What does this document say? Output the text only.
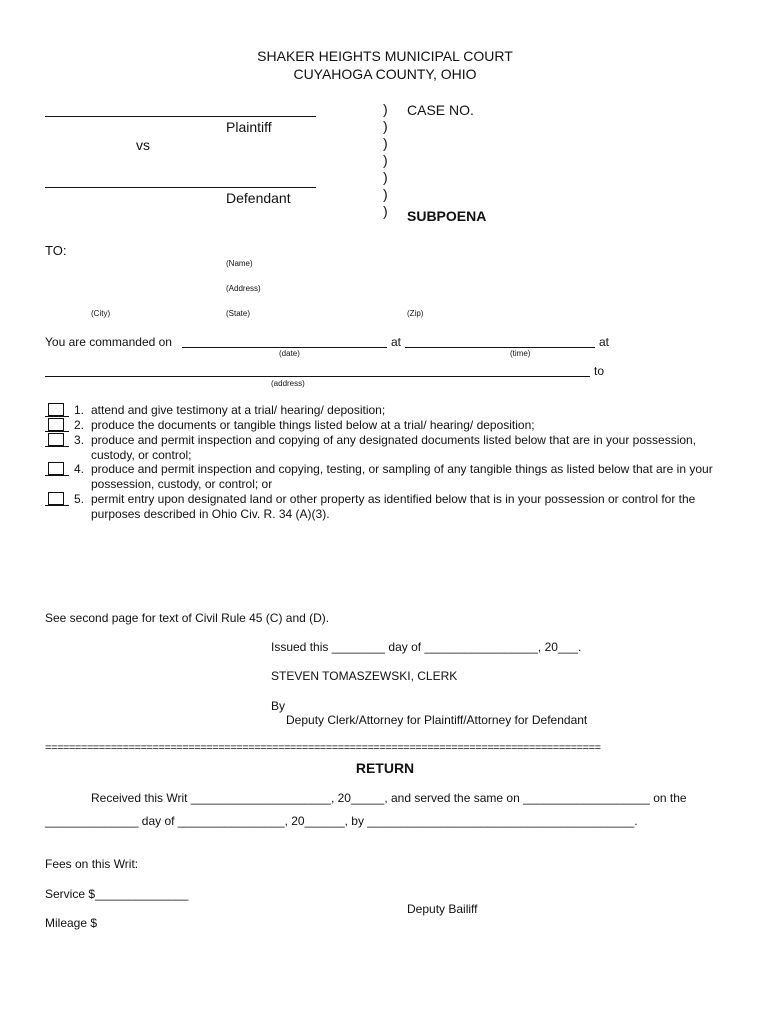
SHAKER HEIGHTS MUNICIPAL COURT
CUYAHOGA COUNTY, OHIO
Plaintiff
vs
Defendant
)
)
)
)
)
)
)
CASE NO.
SUBPOENA
TO:
(Name)
(Address)
(City)	(State)	(Zip)
You are commanded on	at	at
(date)	(time)
to
(address)
1. attend and give testimony at a trial/ hearing/ deposition;
2. produce the documents or tangible things listed below at a trial/ hearing/ deposition;
3. produce and permit inspection and copying of any designated documents listed below that are in your possession, custody, or control;
4. produce and permit inspection and copying, testing, or sampling of any tangible things as listed below that are in your possession, custody, or control; or
5. permit entry upon designated land or other property as identified below that is in your possession or control for the purposes described in Ohio Civ. R. 34 (A)(3).
See second page for text of Civil Rule 45 (C) and (D).
Issued this ________ day of _________________, 20___.
STEVEN TOMASZEWSKI, CLERK
By
Deputy Clerk/Attorney for Plaintiff/Attorney for Defendant
=============================================================================================
RETURN
Received this Writ _____________________, 20_____, and served the same on ___________________ on the
______________ day of ________________, 20______, by ________________________________________.
Fees on this Writ:
Service $______________
Deputy Bailiff
Mileage $
